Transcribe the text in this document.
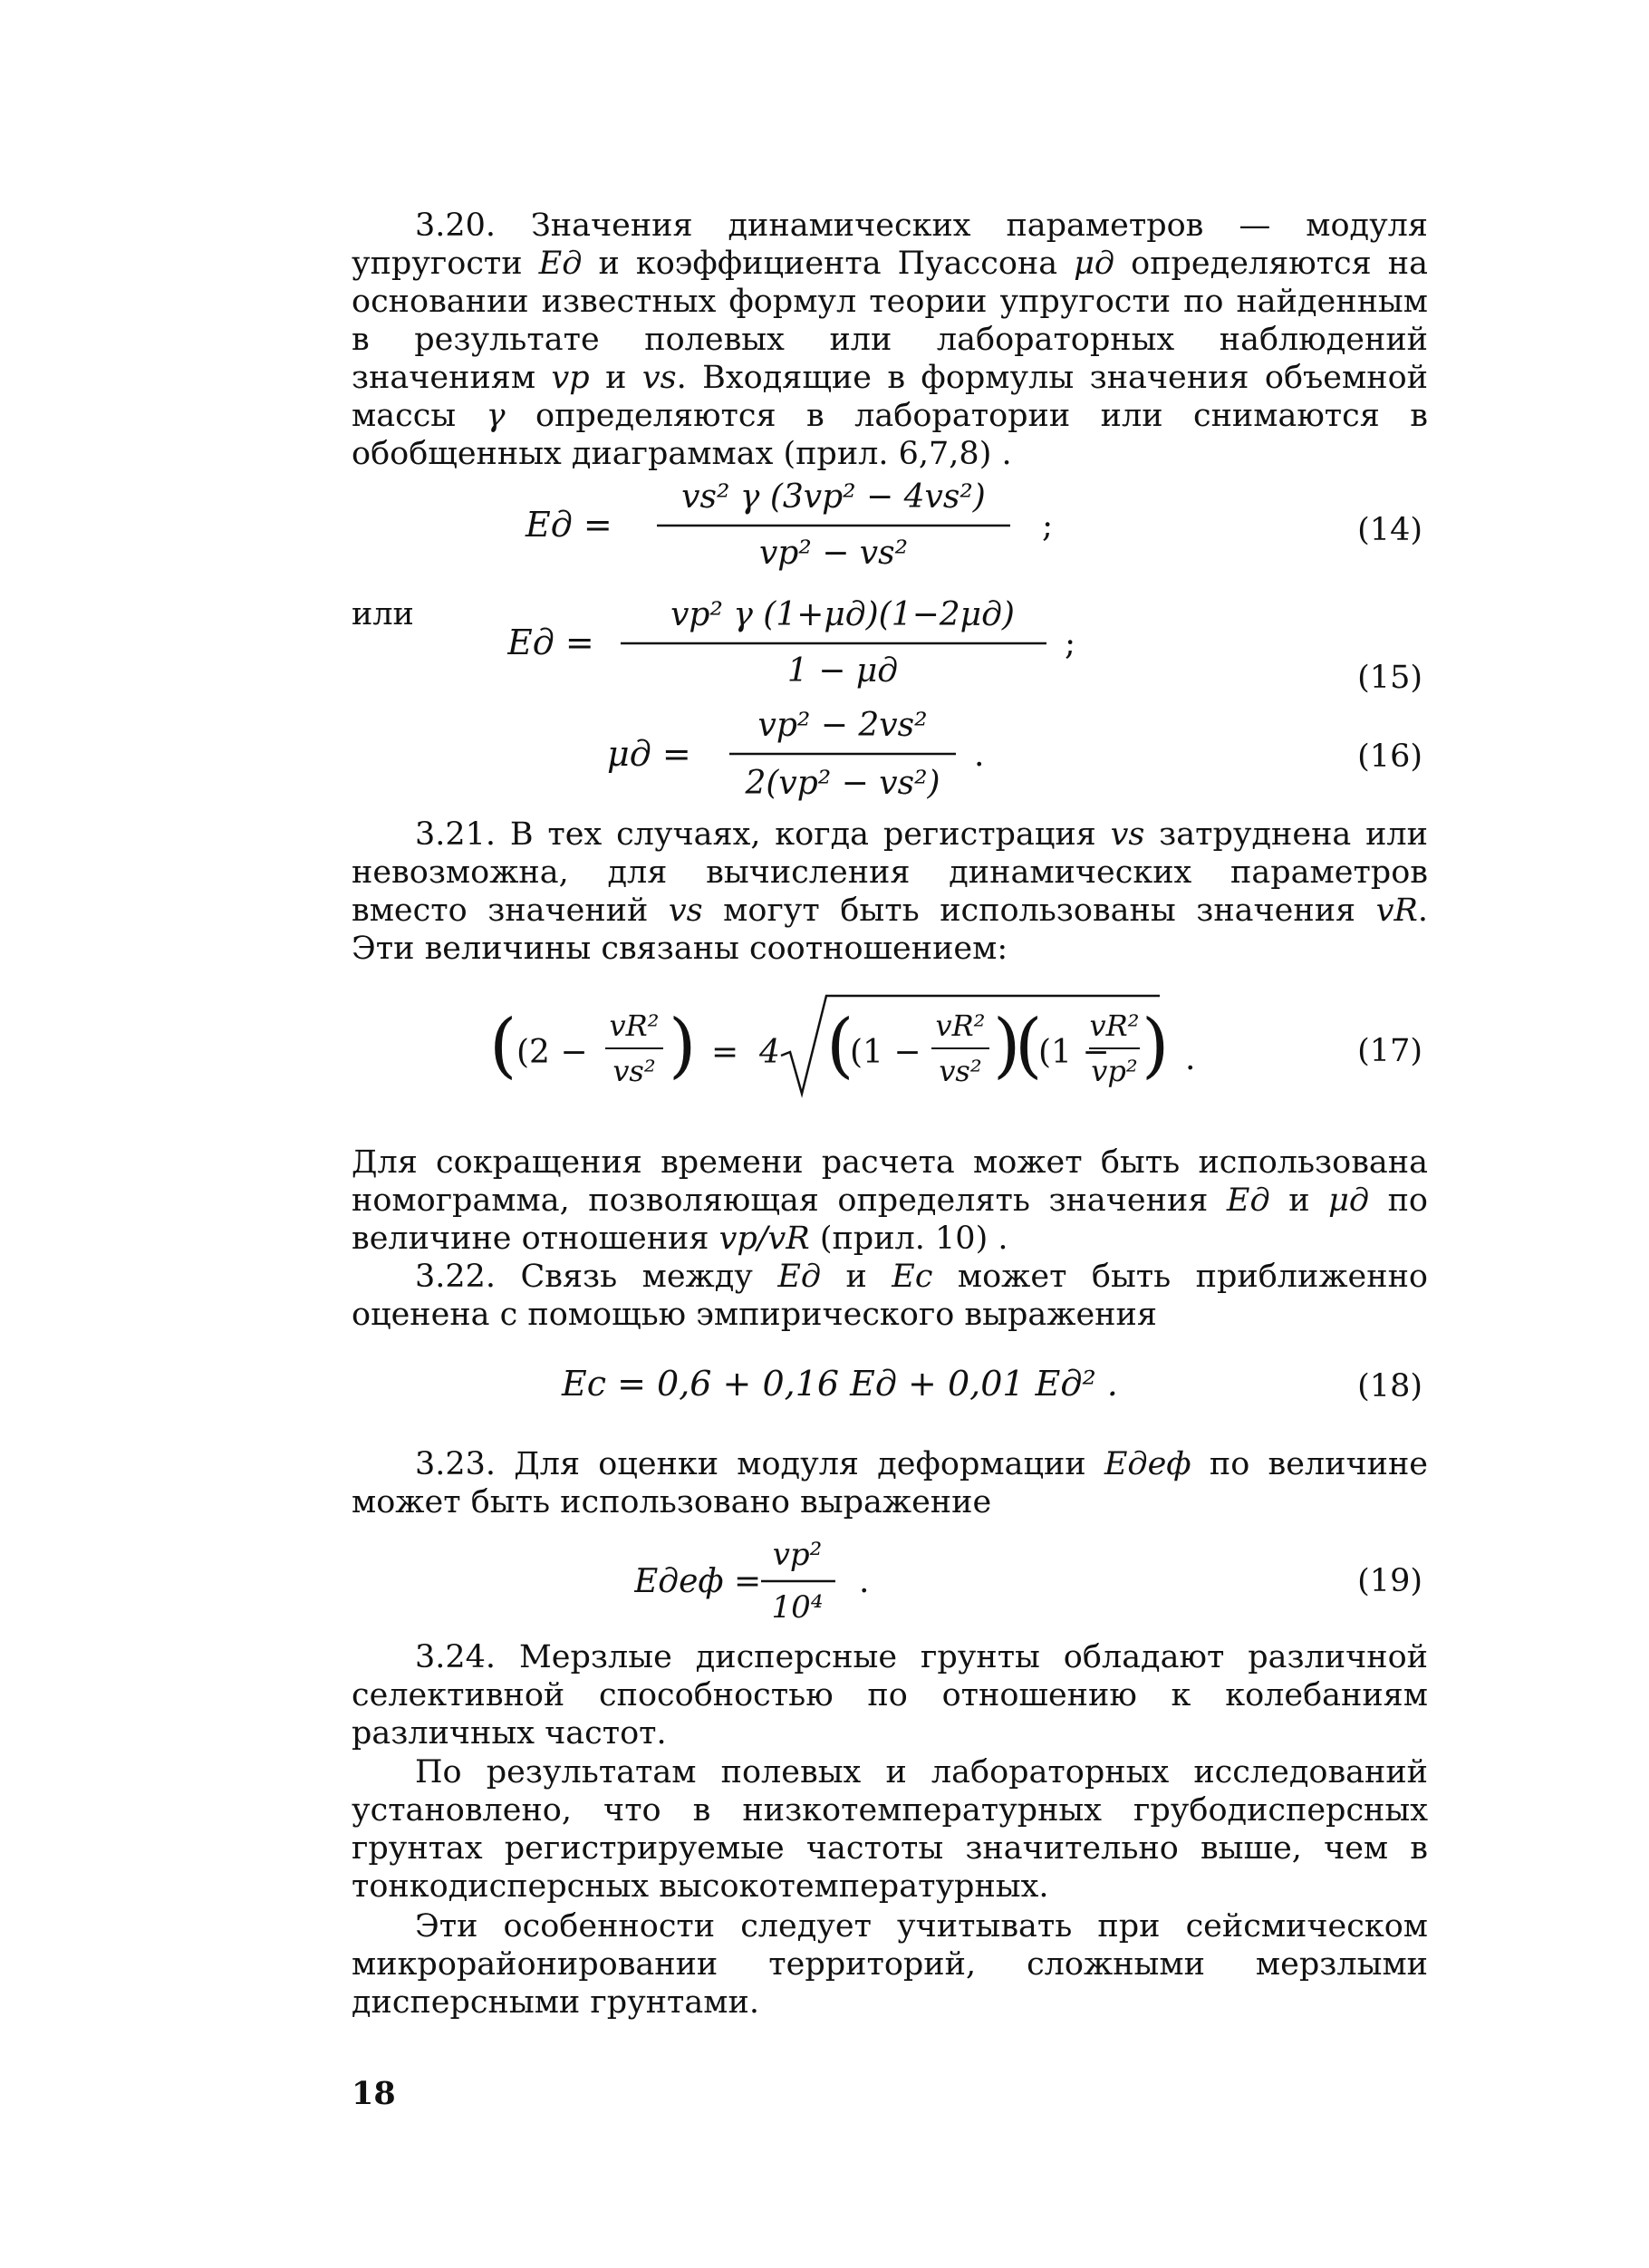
3.20. Значения динамических параметров — модуля упругости Eд и коэффициента Пуассона μд определяются на основании известных формул теории упругости по найденным в результате полевых или лабораторных наблюдений значениям vp и vs. Входящие в формулы значения объемной массы γ определяются в лаборатории или снимаются в обобщенных диаграммах (прил. 6,7,8) .
Eд =
vs² γ (3vp² − 4vs²)
vp² − vs²
;	(14)
или
Eд =
vp² γ (1+μд)(1−2μд)
1 − μд
;
(15)
μд =
vp² − 2vs²
2(vp² − vs²)
.	(16)
3.21. В тех случаях, когда регистрация vs затруднена или невозможна, для вычисления динамических параметров вместо значений vs могут быть использованы значения vR. Эти величины связаны соотношением:
( (2 −
vR²
vs² ) = 4 (
(1 −
vR²
vs² )
(
(1 −
vR²
vp² ) .	(17)
Для сокращения времени расчета может быть использована номограмма, позволяющая определять значения Eд и μд по величине отношения vp/vR (прил. 10) .
3.22. Связь между Eд и Eс может быть приближенно оценена с помощью эмпирического выражения
Eс = 0,6 + 0,16 Eд + 0,01 Eд² .	(18)
3.23. Для оценки модуля деформации Eдеф по величине может быть использовано выражение
Eдеф =
vp²
10⁴
.	(19)
3.24. Мерзлые дисперсные грунты обладают различной селективной способностью по отношению к колебаниям различных частот.
По результатам полевых и лабораторных исследований установлено, что в низкотемпературных грубодисперсных грунтах регистрируемые частоты значительно выше, чем в тонкодисперсных высокотемпературных.
Эти особенности следует учитывать при сейсмическом микрорайонировании территорий, сложными мерзлыми дисперсными грунтами.
18
